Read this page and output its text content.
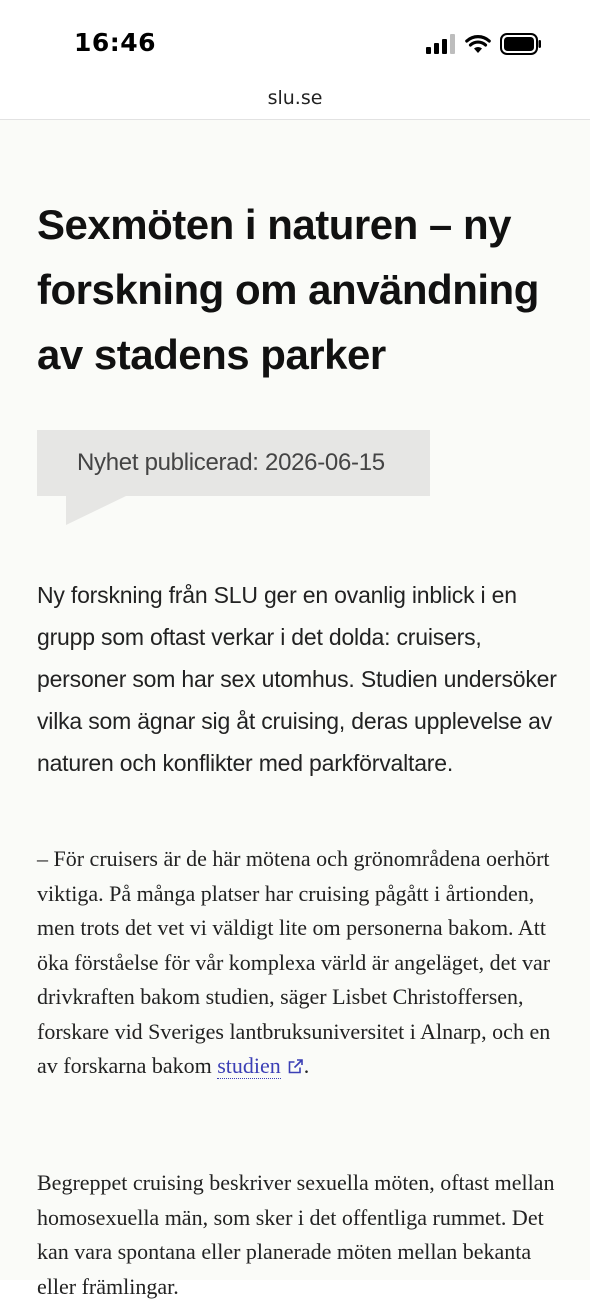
16:46
slu.se
Sexmöten i naturen – ny forskning om användning av stadens parker
Nyhet publicerad: 2026-06-15

Ny forskning från SLU ger en ovanlig inblick i en grupp som oftast verkar i det dolda: cruisers, personer som har sex utomhus. Studien undersöker vilka som ägnar sig åt cruising, deras upplevelse av naturen och konflikter med parkförvaltare.

– För cruisers är de här mötena och grönområdena oerhört viktiga. På många platser har cruising pågått i årtionden, men trots det vet vi väldigt lite om personerna bakom. Att öka förståelse för vår komplexa värld är angeläget, det var drivkraften bakom studien, säger Lisbet Christoffersen, forskare vid Sveriges lantbruksuniversitet i Alnarp, och en av forskarna bakom studien .

Begreppet cruising beskriver sexuella möten, oftast mellan homosexuella män, som sker i det offentliga rummet. Det kan vara spontana eller planerade möten mellan bekanta eller främlingar.
